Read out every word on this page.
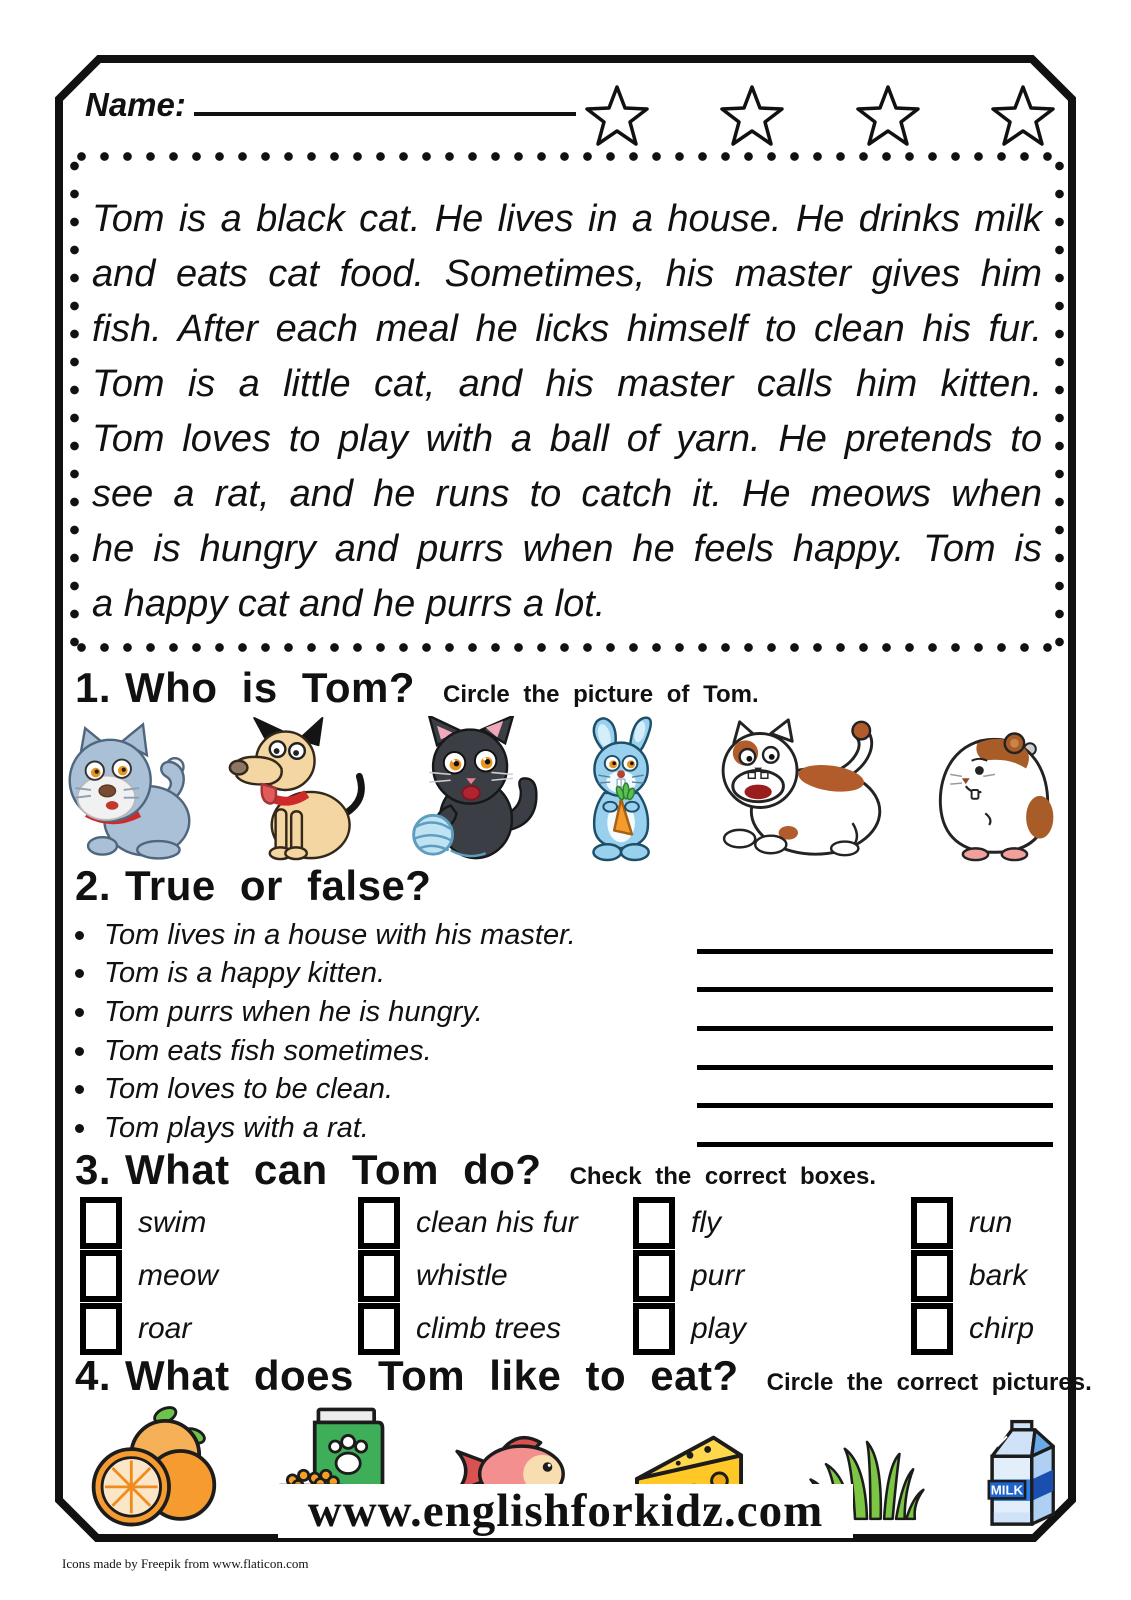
Name:
Tom is a black cat. He lives in a house. He drinks milk
and eats cat food. Sometimes, his master gives him
fish. After each meal he licks himself to clean his fur.
Tom is a little cat, and his master calls him kitten.
Tom loves to play with a ball of yarn. He pretends to
see a rat, and he runs to catch it. He meows when
he is hungry and purrs when he feels happy. Tom is
a happy cat and he purrs a lot.
1. Who is Tom? Circle the picture of Tom.
2. True or false?
Tom lives in a house with his master.
Tom is a happy kitten.
Tom purrs when he is hungry.
Tom eats fish sometimes.
Tom loves to be clean.
Tom plays with a rat.
3. What can Tom do? Check the correct boxes.
swim	clean his fur	fly	run
meow	whistle	purr	bark
roar	climb trees	play	chirp
4. What does Tom like to eat? Circle the correct pictures.
MILK
www.englishforkidz.com
Icons made by Freepik from www.flaticon.com
